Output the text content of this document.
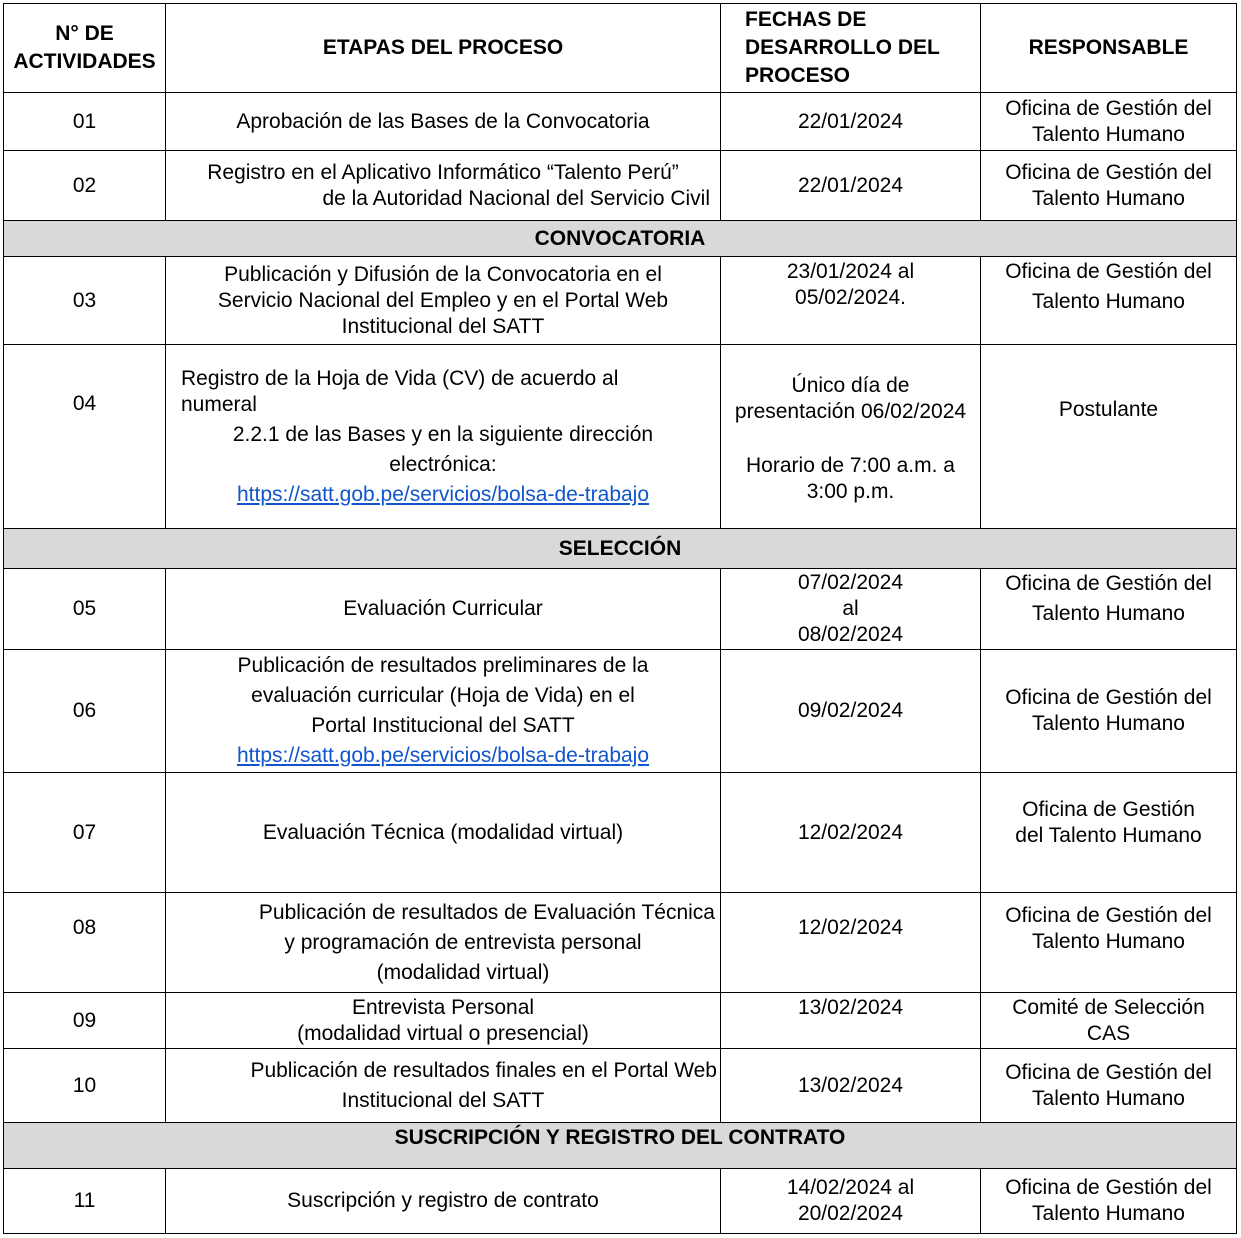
N° DE
ACTIVIDADES	ETAPAS DEL PROCESO	FECHAS DE
DESARROLLO DEL
PROCESO	RESPONSABLE
01	Aprobación de las Bases de la Convocatoria	22/01/2024	Oficina de Gestión del
Talento Humano

02	Registro en el Aplicativo Informático “Talento Perú”
de la Autoridad Nacional del Servicio Civil	22/01/2024	Oficina de Gestión del
Talento Humano

CONVOCATORIA			
03	Publicación y Difusión de la Convocatoria en el
Servicio Nacional del Empleo y en el Portal Web
Institucional del SATT	23/01/2024 al
05/02/2024.	Oficina de Gestión del
Talento Humano

04	Registro de la Hoja de Vida (CV) de acuerdo al
numeral
2.2.1 de las Bases y en la siguiente dirección
electrónica:
https://satt.gob.pe/servicios/bolsa-de-trabajo	Único día de
presentación 06/02/2024
Horario de 7:00 a.m. a
3:00 p.m.	Postulante

SELECCIÓN			
05	Evaluación Curricular	07/02/2024
al
08/02/2024	Oficina de Gestión del
Talento Humano

06	Publicación de resultados preliminares de la
evaluación curricular (Hoja de Vida) en el
Portal Institucional del SATT
https://satt.gob.pe/servicios/bolsa-de-trabajo	09/02/2024	Oficina de Gestión del
Talento Humano

07	Evaluación Técnica (modalidad virtual)	12/02/2024	Oficina de Gestión
del Talento Humano

08	Publicación de resultados de Evaluación Técnica
y programación de entrevista personal
(modalidad virtual)	12/02/2024	Oficina de Gestión del
Talento Humano

09	Entrevista Personal
(modalidad virtual o presencial)	13/02/2024	Comité de Selección
CAS

10	Publicación de resultados finales en el Portal Web
Institucional del SATT	13/02/2024	Oficina de Gestión del
Talento Humano

SUSCRIPCIÓN Y REGISTRO DEL CONTRATO			
11	Suscripción y registro de contrato	14/02/2024 al
20/02/2024	Oficina de Gestión del
Talento Humano
